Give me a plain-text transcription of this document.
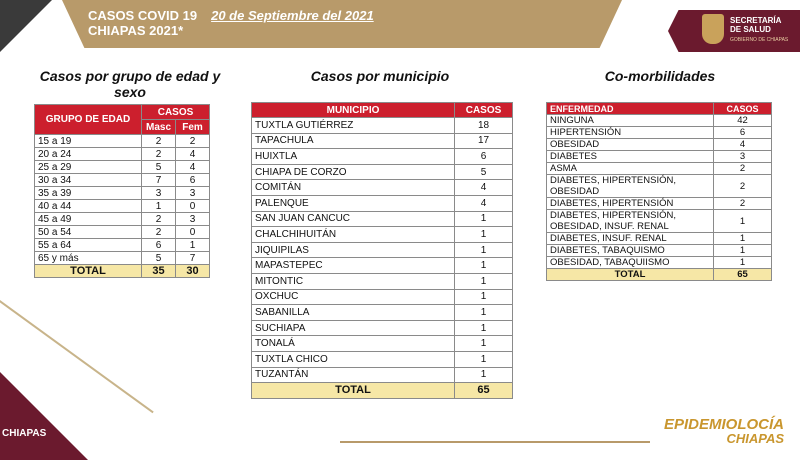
CASOS COVID 19 20 de Septiembre del 2021
CHIAPAS 2021*
SECRETARÍA
DE SALUD
GOBIERNO DE CHIAPAS
Casos por grupo de edad y sexo
Casos por municipio	Co-morbilidades
GRUPO DE EDAD	CASOS	
	Masc	Fem
15 a 19	2	2
20 a 24	2	4
25 a 29	5	4
30 a 34	7	6
35 a 39	3	3
40 a 44	1	0
45 a 49	2	3
50 a 54	2	0
55 a 64	6	1
65 y más	5	7
TOTAL	35	30
MUNICIPIO	CASOS
TUXTLA GUTIÉRREZ	18
TAPACHULA	17
HUIXTLA	6
CHIAPA DE CORZO	5
COMITÁN	4
PALENQUE	4
SAN JUAN CANCUC	1
CHALCHIHUITÁN	1
JIQUIPILAS	1
MAPASTEPEC	1
MITONTIC	1
OXCHUC	1
SABANILLA	1
SUCHIAPA	1
TONALÁ	1
TUXTLA CHICO	1
TUZANTÁN	1
TOTAL	65
ENFERMEDAD	CASOS
NINGUNA	42
HIPERTENSIÓN	6
OBESIDAD	4
DIABETES	3
ASMA	2
DIABETES, HIPERTENSIÓN, OBESIDAD	2
DIABETES, HIPERTENSIÓN	2
DIABETES, HIPERTENSIÓN, OBESIDAD, INSUF. RENAL	1
DIABETES, INSUF. RENAL	1
DIABETES, TABAQUISMO	1
OBESIDAD, TABAQUIISMO	1
TOTAL	65
CHIAPAS
EPIDEMIOLOCÍA
CHIAPAS
